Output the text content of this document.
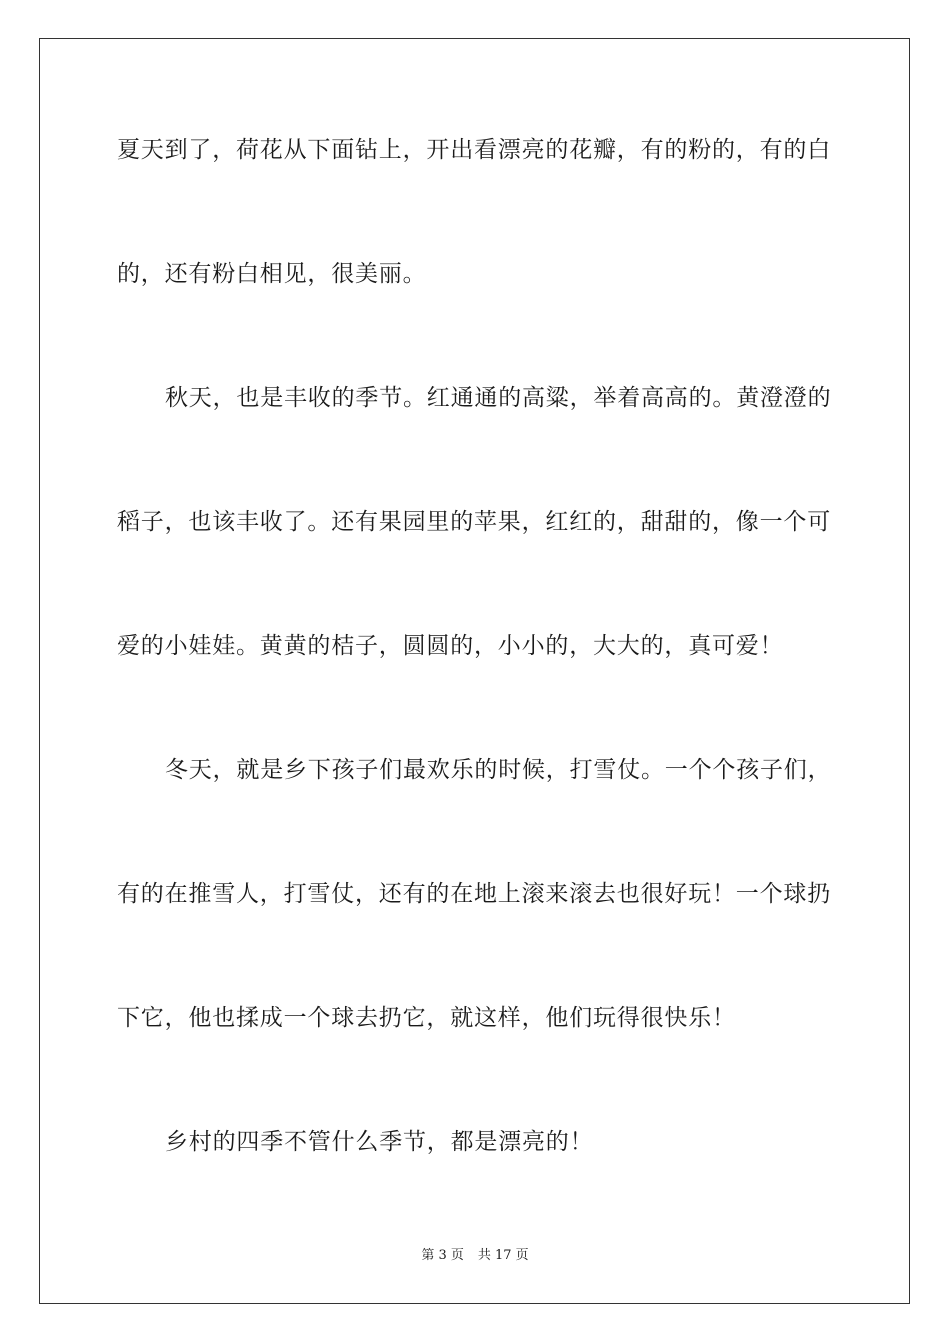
夏天到了，荷花从下面钻上，开出看漂亮的花瓣，有的粉的，有的白
的，还有粉白相见，很美丽。
秋天，也是丰收的季节。红通通的高粱，举着高高的。黄澄澄的
稻子，也该丰收了。还有果园里的苹果，红红的，甜甜的，像一个可
爱的小娃娃。黄黄的桔子，圆圆的，小小的，大大的，真可爱！
冬天，就是乡下孩子们最欢乐的时候，打雪仗。一个个孩子们，
有的在推雪人，打雪仗，还有的在地上滚来滚去也很好玩！一个球扔
下它，他也揉成一个球去扔它，就这样，他们玩得很快乐！
乡村的四季不管什么季节，都是漂亮的！
第 3 页 共 17 页
